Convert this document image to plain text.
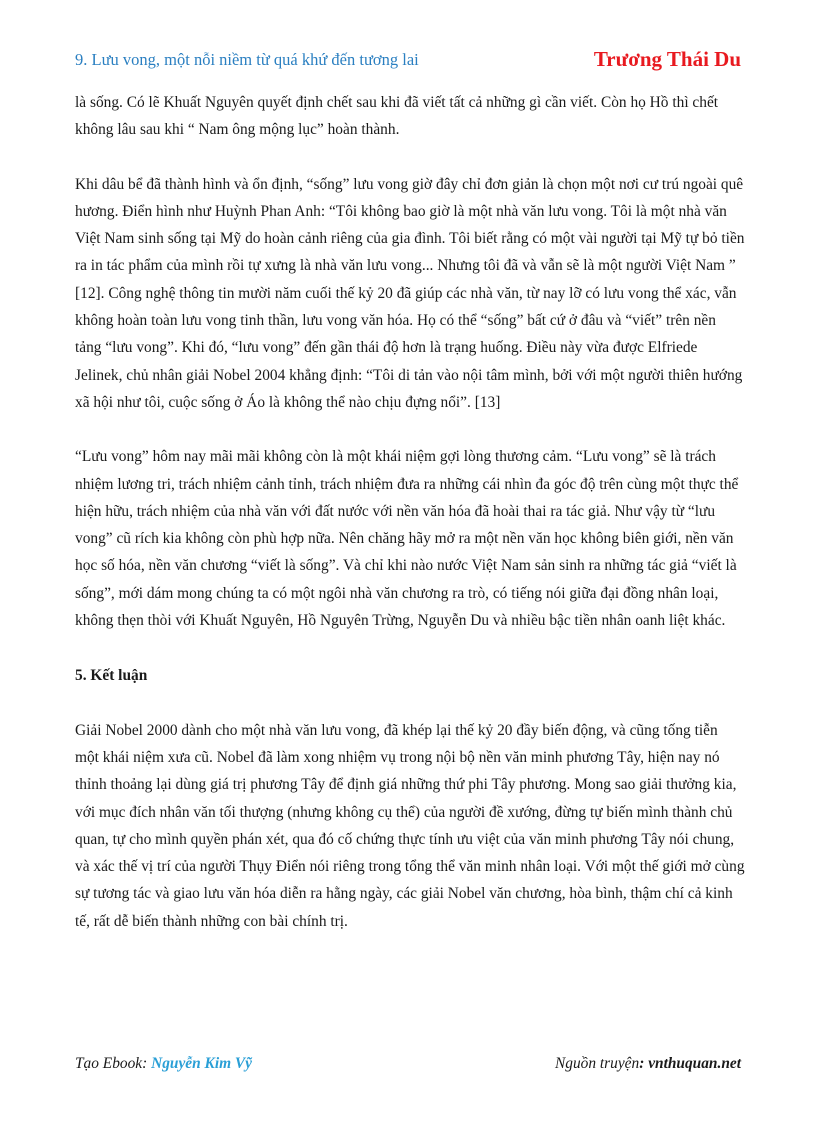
9. Lưu vong, một nỗi niềm từ quá khứ đến tương lai	Trương Thái Du

là sống. Có lẽ Khuất Nguyên quyết định chết sau khi đã viết tất cả những gì cần viết. Còn họ Hồ thì chết không lâu sau khi “ Nam ông mộng lục” hoàn thành.

Khi dâu bể đã thành hình và ổn định, “sống” lưu vong giờ đây chỉ đơn giản là chọn một nơi cư trú ngoài quê hương. Điển hình như Huỳnh Phan Anh: “Tôi không bao giờ là một nhà văn lưu vong. Tôi là một nhà văn Việt Nam sinh sống tại Mỹ do hoàn cảnh riêng của gia đình. Tôi biết rằng có một vài người tại Mỹ tự bỏ tiền ra in tác phẩm của mình rồi tự xưng là nhà văn lưu vong... Nhưng tôi đã và vẫn sẽ là một người Việt Nam ” [12]. Công nghệ thông tin mười năm cuối thế kỷ 20 đã giúp các nhà văn, từ nay lỡ có lưu vong thể xác, vẫn không hoàn toàn lưu vong tinh thần, lưu vong văn hóa. Họ có thể “sống” bất cứ ở đâu và “viết” trên nền tảng “lưu vong”. Khi đó, “lưu vong” đến gần thái độ hơn là trạng huống. Điều này vừa được Elfriede Jelinek, chủ nhân giải Nobel 2004 khẳng định: “Tôi di tản vào nội tâm mình, bởi với một người thiên hướng xã hội như tôi, cuộc sống ở Áo là không thể nào chịu đựng nổi”. [13]

“Lưu vong” hôm nay mãi mãi không còn là một khái niệm gợi lòng thương cảm. “Lưu vong” sẽ là trách nhiệm lương tri, trách nhiệm cảnh tỉnh, trách nhiệm đưa ra những cái nhìn đa góc độ trên cùng một thực thể hiện hữu, trách nhiệm của nhà văn với đất nước với nền văn hóa đã hoài thai ra tác giả. Như vậy từ “lưu vong” cũ rích kia không còn phù hợp nữa. Nên chăng hãy mở ra một nền văn học không biên giới, nền văn học số hóa, nền văn chương “viết là sống”. Và chỉ khi nào nước Việt Nam sản sinh ra những tác giả “viết là sống”, mới dám mong chúng ta có một ngôi nhà văn chương ra trò, có tiếng nói giữa đại đồng nhân loại, không thẹn thòi với Khuất Nguyên, Hồ Nguyên Trừng, Nguyễn Du và nhiều bậc tiền nhân oanh liệt khác.

5. Kết luận

Giải Nobel 2000 dành cho một nhà văn lưu vong, đã khép lại thế kỷ 20 đầy biến động, và cũng tống tiễn một khái niệm xưa cũ. Nobel đã làm xong nhiệm vụ trong nội bộ nền văn minh phương Tây, hiện nay nó thỉnh thoảng lại dùng giá trị phương Tây để định giá những thứ phi Tây phương. Mong sao giải thưởng kia, với mục đích nhân văn tối thượng (nhưng không cụ thể) của người đề xướng, đừng tự biến mình thành chủ quan, tự cho mình quyền phán xét, qua đó cố chứng thực tính ưu việt của văn minh phương Tây nói chung, và xác thế vị trí của người Thụy Điển nói riêng trong tổng thể văn minh nhân loại. Với một thế giới mở cùng sự tương tác và giao lưu văn hóa diễn ra hằng ngày, các giải Nobel văn chương, hòa bình, thậm chí cả kinh tế, rất dễ biến thành những con bài chính trị.

Tạo Ebook: Nguyễn Kim Vỹ	Nguồn truyện: vnthuquan.net
